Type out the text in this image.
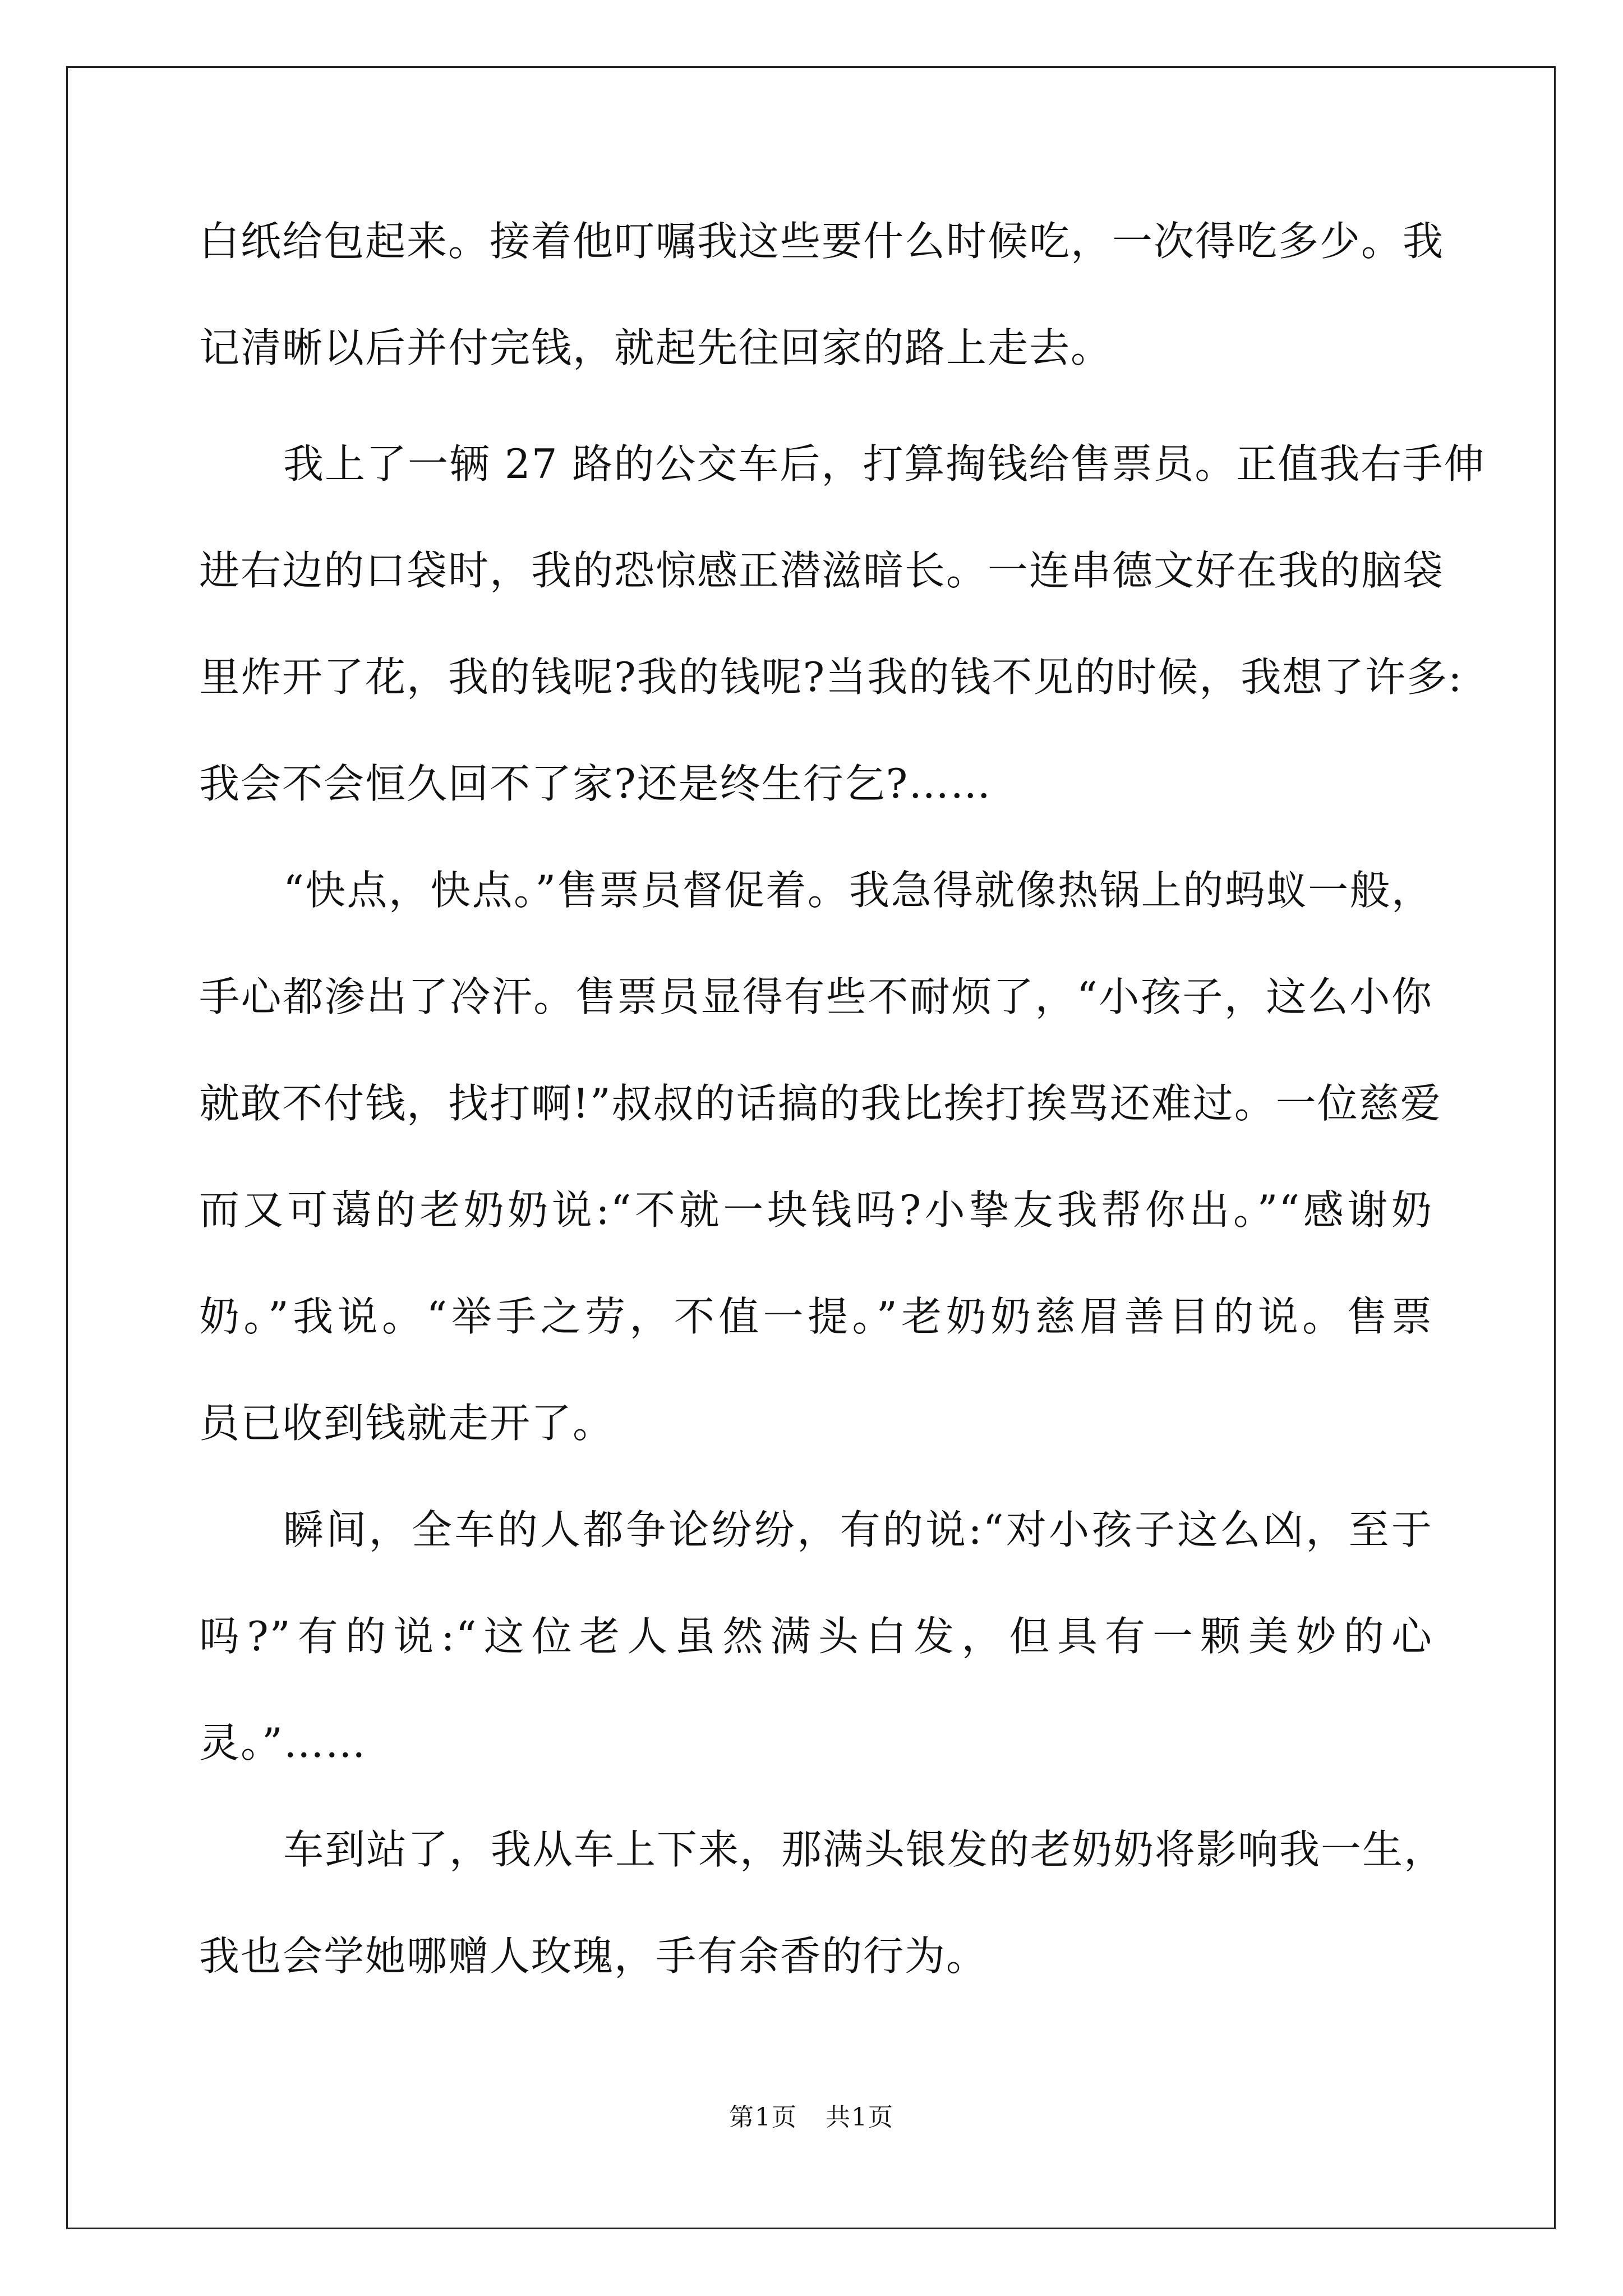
白纸给包起来。接着他叮嘱我这些要什么时候吃，一次得吃多少。我
记清晰以后并付完钱，就起先往回家的路上走去。
我上了一辆 27 路的公交车后，打算掏钱给售票员。正值我右手伸
进右边的口袋时，我的恐惊感正潜滋暗长。一连串德文好在我的脑袋
里炸开了花，我的钱呢?我的钱呢?当我的钱不见的时候，我想了许多:
我会不会恒久回不了家?还是终生行乞?……
“快点，快点。”售票员督促着。我急得就像热锅上的蚂蚁一般，
手心都渗出了冷汗。售票员显得有些不耐烦了，“小孩子，这么小你
就敢不付钱，找打啊!”叔叔的话搞的我比挨打挨骂还难过。一位慈爱
而又可蔼的老奶奶说:“不就一块钱吗?小挚友我帮你出。”“感谢奶
奶。”我说。“举手之劳，不值一提。”老奶奶慈眉善目的说。售票
员已收到钱就走开了。
瞬间，全车的人都争论纷纷，有的说:“对小孩子这么凶，至于
吗?”有的说:“这位老人虽然满头白发，但具有一颗美妙的心
灵。”……
车到站了，我从车上下来，那满头银发的老奶奶将影响我一生，
我也会学她哪赠人玫瑰，手有余香的行为。
第1页 共1页
